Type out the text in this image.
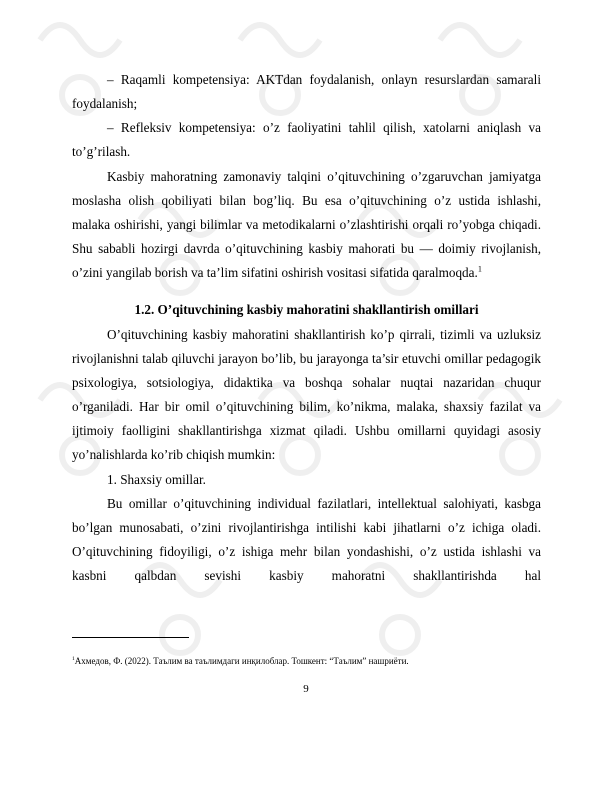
– Raqamli kompetensiya: AKTdan foydalanish, onlayn resurslardan samarali foydalanish;

– Refleksiv kompetensiya: o’z faoliyatini tahlil qilish, xatolarni aniqlash va to’g’rilash.

Kasbiy mahoratning zamonaviy talqini o’qituvchining o’zgaruvchan jamiyatga moslasha olish qobiliyati bilan bog’liq. Bu esa o’qituvchining o’z ustida ishlashi, malaka oshirishi, yangi bilimlar va metodikalarni o’zlashtirishi orqali ro’yobga chiqadi. Shu sababli hozirgi davrda o’qituvchining kasbiy mahorati bu — doimiy rivojlanish, o’zini yangilab borish va ta’lim sifatini oshirish vositasi sifatida qaralmoqda.$^1$

1.2. O’qituvchining kasbiy mahoratini shakllantirish omillari

O’qituvchining kasbiy mahoratini shakllantirish ko’p qirrali, tizimli va uzluksiz rivojlanishni talab qiluvchi jarayon bo’lib, bu jarayonga ta’sir etuvchi omillar pedagogik psixologiya, sotsiologiya, didaktika va boshqa sohalar nuqtai nazaridan chuqur o’rganiladi. Har bir omil o’qituvchining bilim, ko’nikma, malaka, shaxsiy fazilat va ijtimoiy faolligini shakllantirishga xizmat qiladi. Ushbu omillarni quyidagi asosiy yo’nalishlarda ko’rib chiqish mumkin:

1. Shaxsiy omillar.

Bu omillar o’qituvchining individual fazilatlari, intellektual salohiyati, kasbga bo’lgan munosabati, o’zini rivojlantirishga intilishi kabi jihatlarni o’z ichiga oladi. O’qituvchining fidoyiligi, o’z ishiga mehr bilan yondashishi, o’z ustida ishlashi va kasbni qalbdan sevishi kasbiy mahoratni shakllantirishda hal

$^1$Ахмедов, Ф. (2022). Таълим ва таълимдаги инқилоблар. Тошкент: “Таълим” нашриёти.
9
